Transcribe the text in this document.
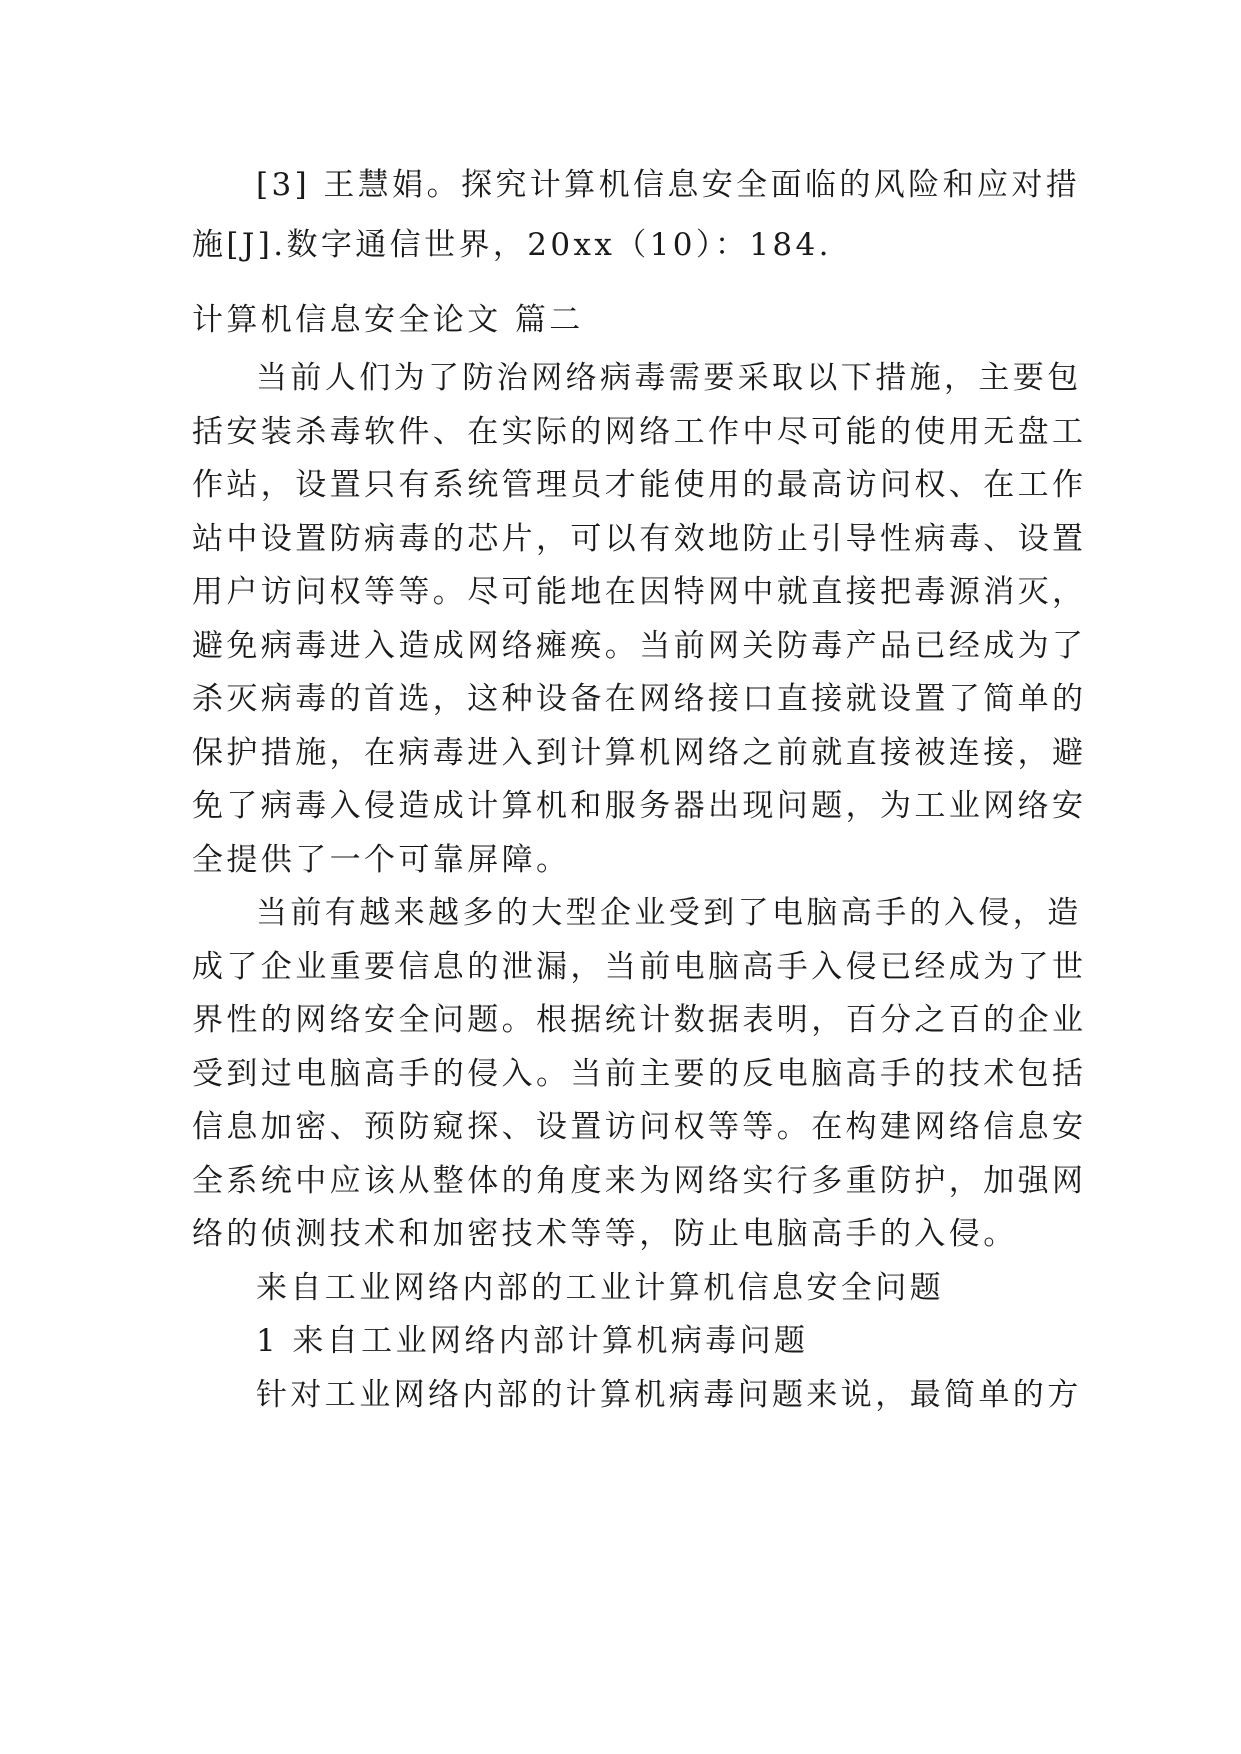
[3] 王慧娟。探究计算机信息安全面临的风险和应对措
施[J].数字通信世界，20xx（10）：184.
计算机信息安全论文 篇二
当前人们为了防治网络病毒需要采取以下措施，主要包
括安装杀毒软件、在实际的网络工作中尽可能的使用无盘工
作站，设置只有系统管理员才能使用的最高访问权、在工作
站中设置防病毒的芯片，可以有效地防止引导性病毒、设置
用户访问权等等。尽可能地在因特网中就直接把毒源消灭，
避免病毒进入造成网络瘫痪。当前网关防毒产品已经成为了
杀灭病毒的首选，这种设备在网络接口直接就设置了简单的
保护措施，在病毒进入到计算机网络之前就直接被连接，避
免了病毒入侵造成计算机和服务器出现问题，为工业网络安
全提供了一个可靠屏障。
当前有越来越多的大型企业受到了电脑高手的入侵，造
成了企业重要信息的泄漏，当前电脑高手入侵已经成为了世
界性的网络安全问题。根据统计数据表明，百分之百的企业
受到过电脑高手的侵入。当前主要的反电脑高手的技术包括
信息加密、预防窥探、设置访问权等等。在构建网络信息安
全系统中应该从整体的角度来为网络实行多重防护，加强网
络的侦测技术和加密技术等等，防止电脑高手的入侵。
来自工业网络内部的工业计算机信息安全问题
1 来自工业网络内部计算机病毒问题
针对工业网络内部的计算机病毒问题来说，最简单的方
